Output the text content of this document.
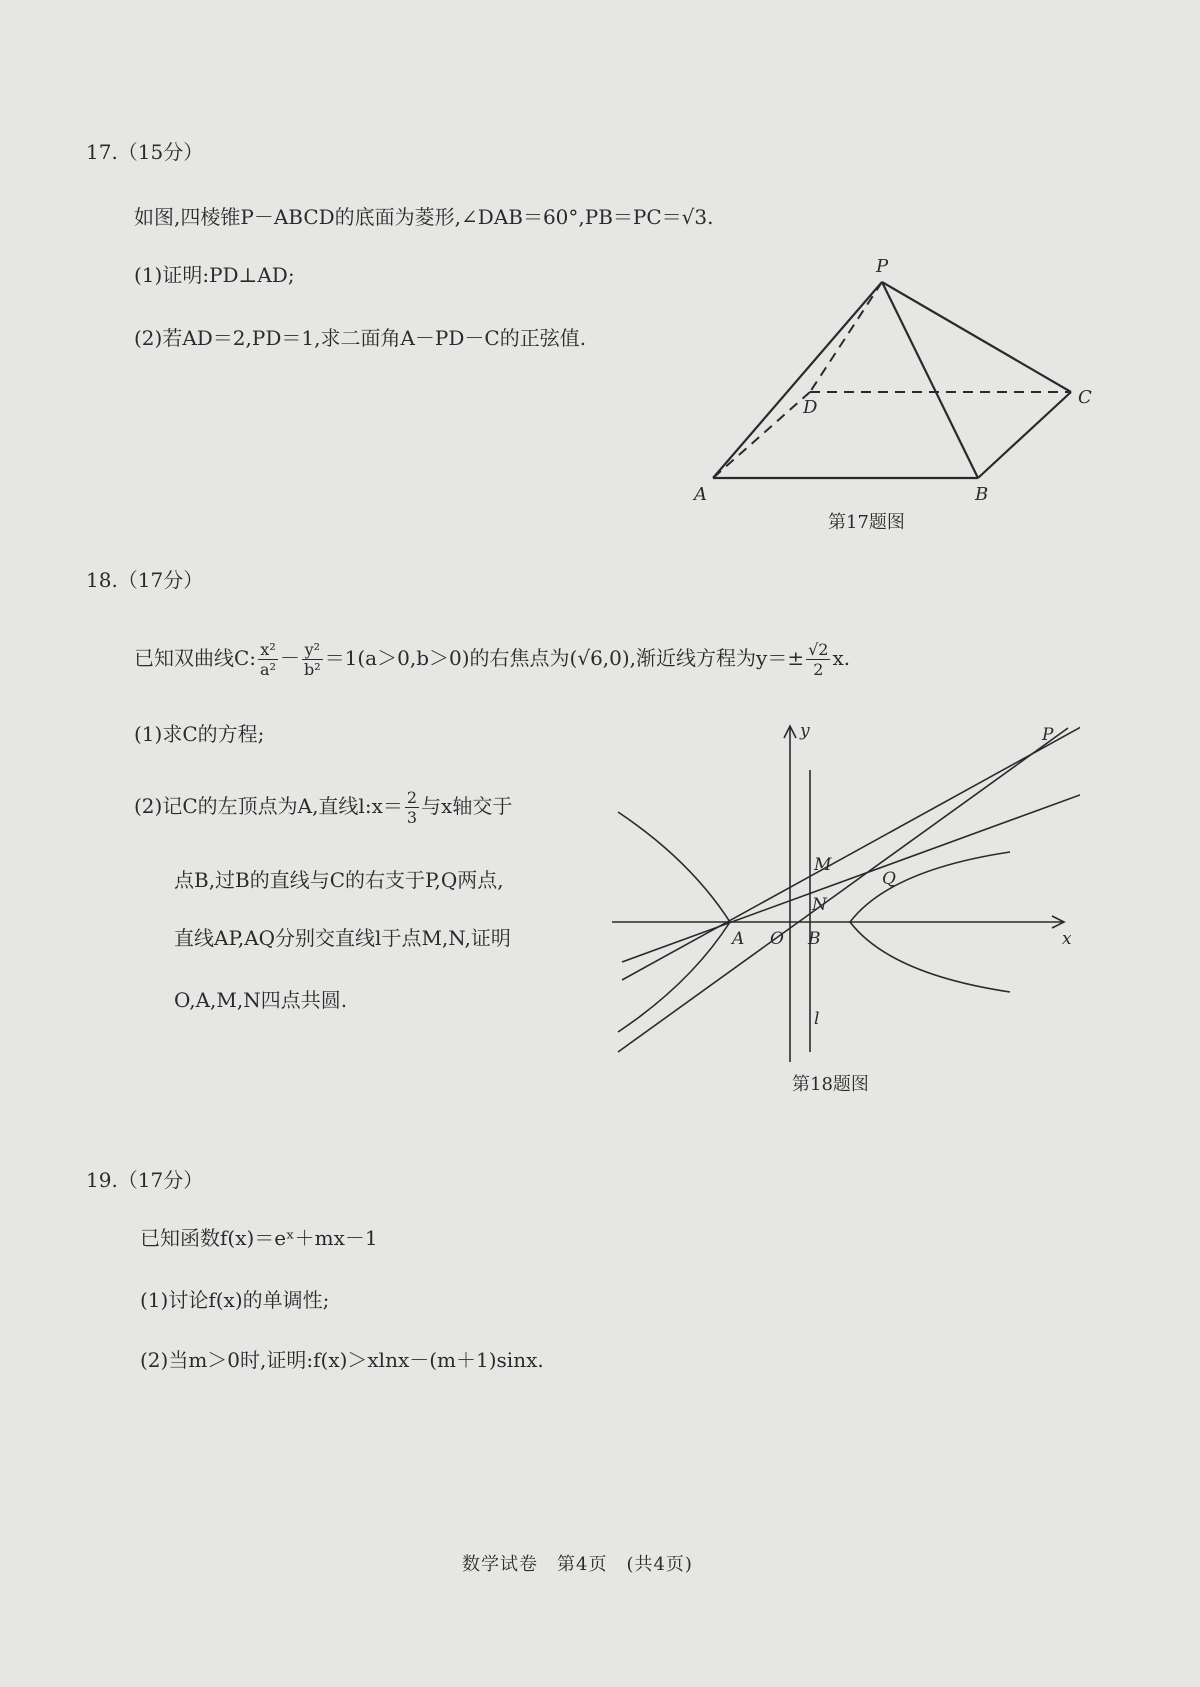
17.（15分）
如图,四棱锥P－ABCD的底面为菱形,∠DAB＝60°,PB＝PC＝√3.
(1)证明:PD⊥AD;
(2)若AD＝2,PD＝1,求二面角A－PD－C的正弦值.
P
A	B
C
D
第17题图
18.（17分）
已知双曲线C: $\frac{\text{x²}}{\text{a²}} - \frac{\text{y²}}{\text{b²}} =1(a>0,b>0)$的右焦点为(√6,0),渐近线方程为$y=\pm \frac{√2}{2} x$.
(1)求C的方程;
(2)记C的左顶点为A,直线l:x＝ $\frac{2}{3}$ 与x轴交于
点B,过B的直线与C的右支于P,Q两点,
直线AP,AQ分别交直线l于点M,N,证明
O,A,M,N四点共圆.
y
x
P
M
N
Q
A O B
l
第18题图
19.（17分）
已知函数f(x)＝eˣ＋mx－1
(1)讨论f(x)的单调性;
(2)当m＞0时,证明:f(x)＞xlnx－(m＋1)sinx.
数学试卷　第4页　(共4页)
